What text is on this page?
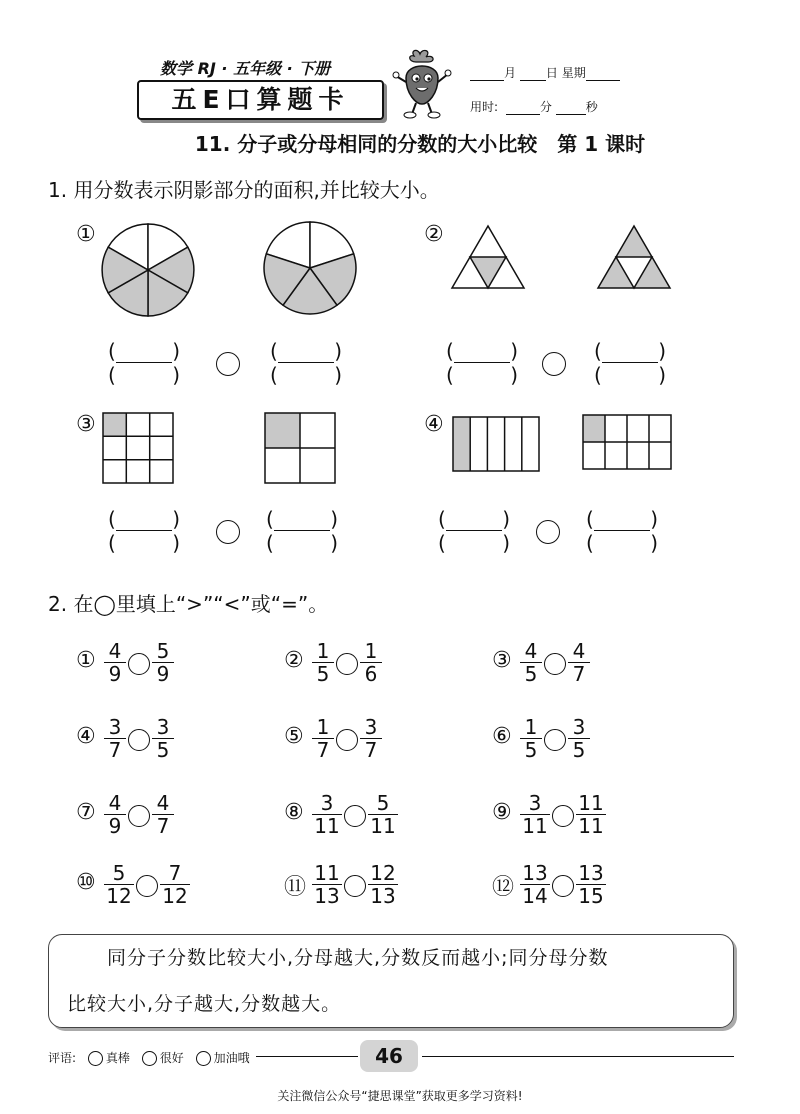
数学 RJ · 五年级 · 下册
五E口算题卡
月 日 星期
用时:	分	秒
11. 分子或分母相同的分数的大小比较　第 1 课时
1. 用分数表示阴影部分的面积,并比较大小。
①	②
③	④
(	)
(	)
(	)
(	)
(	)
(	)
(	)
(	)
(	)
(	)
(	)
(	)
(	)
(	)
(	)
(	)
2. 在◯里填上“>”“<”或“=”。
① $\frac{4}{9} \frac{5}{9}$	② $\frac{1}{5} \frac{1}{6}$	③ $\frac{4}{5} \frac{4}{7}$
④ $\frac{3}{7} \frac{3}{5}$	⑤ $\frac{1}{7} \frac{3}{7}$	⑥ $\frac{1}{5} \frac{3}{5}$
⑦ $\frac{4}{9} \frac{4}{7}$	⑧ $\frac{3}{11} \frac{5}{11}$	⑨ $\frac{3}{11} \frac{11}{11}$
⑩ $\frac{5}{12} \frac{7}{12}$	⑪ $\frac{11}{13} \frac{12}{13}$	⑫ $\frac{13}{14} \frac{13}{15}$

　　同分子分数比较大小,分母越大,分数反而越小;同分母分数

比较大小,分子越大,分数越大。

评语: 真棒 很好 加油哦	46
关注微信公众号“捷思课堂”获取更多学习资料!
